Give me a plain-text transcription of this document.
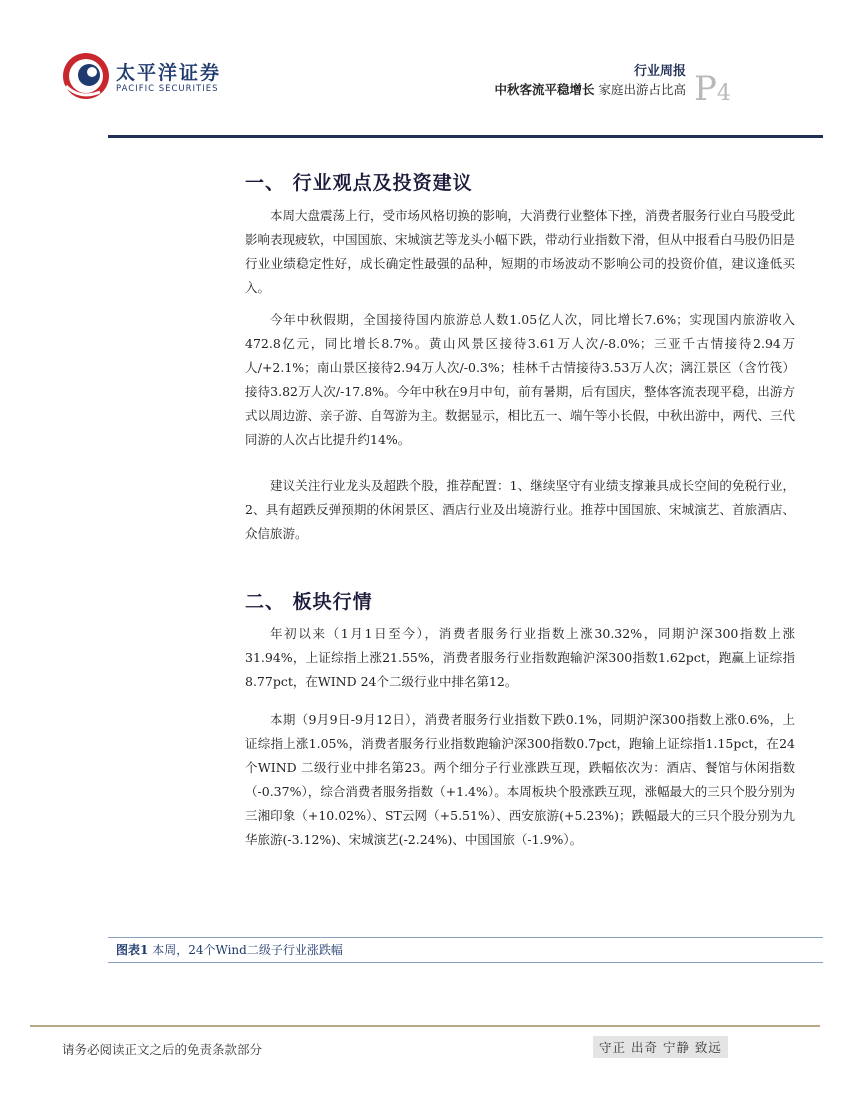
太平洋证券
PACIFIC SECURITIES
行业周报
中秋客流平稳增长 家庭出游占比高 P4
一、 行业观点及投资建议
本周大盘震荡上行，受市场风格切换的影响，大消费行业整体下挫，消费者服务行业白马股受此影响表现疲软，中国国旅、宋城演艺等龙头小幅下跌，带动行业指数下滑，但从中报看白马股仍旧是行业业绩稳定性好，成长确定性最强的品种，短期的市场波动不影响公司的投资价值，建议逢低买入。
今年中秋假期，全国接待国内旅游总人数1.05亿人次，同比增长7.6%；实现国内旅游收入472.8亿元，同比增长8.7%。黄山风景区接待3.61万人次/-8.0%；三亚千古情接待2.94万人/+2.1%；南山景区接待2.94万人次/-0.3%；桂林千古情接待3.53万人次；漓江景区（含竹筏）接待3.82万人次/-17.8%。今年中秋在9月中旬，前有暑期，后有国庆，整体客流表现平稳，出游方式以周边游、亲子游、自驾游为主。数据显示，相比五一、端午等小长假，中秋出游中，两代、三代同游的人次占比提升约14%。
建议关注行业龙头及超跌个股，推荐配置：1、继续坚守有业绩支撑兼具成长空间的免税行业，2、具有超跌反弹预期的休闲景区、酒店行业及出境游行业。推荐中国国旅、宋城演艺、首旅酒店、众信旅游。
二、 板块行情
年初以来（1月1日至今），消费者服务行业指数上涨30.32%，同期沪深300指数上涨31.94%，上证综指上涨21.55%，消费者服务行业指数跑输沪深300指数1.62pct，跑赢上证综指8.77pct，在WIND 24个二级行业中排名第12。
本期（9月9日-9月12日），消费者服务行业指数下跌0.1%，同期沪深300指数上涨0.6%，上证综指上涨1.05%，消费者服务行业指数跑输沪深300指数0.7pct，跑输上证综指1.15pct，在24个WIND 二级行业中排名第23。两个细分子行业涨跌互现，跌幅依次为：酒店、餐馆与休闲指数（-0.37%），综合消费者服务指数（+1.4%）。本周板块个股涨跌互现，涨幅最大的三只个股分别为三湘印象（+10.02%）、ST云网（+5.51%）、西安旅游(+5.23%)；跌幅最大的三只个股分别为九华旅游(-3.12%)、宋城演艺(-2.24%)、中国国旅（-1.9%）。
图表1 本周，24个Wind二级子行业涨跌幅
请务必阅读正文之后的免责条款部分	守正 出奇 宁静 致远
